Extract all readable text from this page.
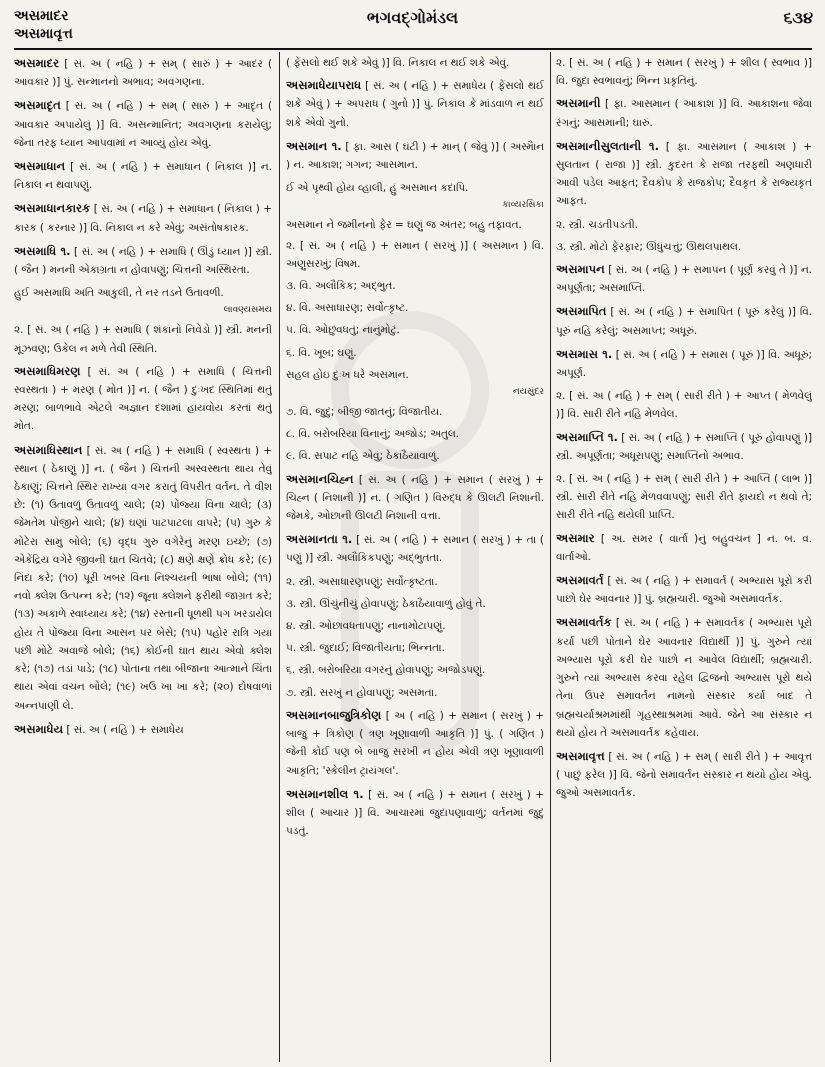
અસમાદર
અસમાવૃત્ત
ભગવદ્ગોમંડલ	૬૩૪
અસમાદર [ સં. અ ( નહિ ) + સમ્ ( સારું ) + આદર ( આવકાર )] પું. સન્માનનો અભાવ; અવગણના.
અસમાદૃત [ સં. અ ( નહિ ) + સમ્ ( સારું ) + આદૃત ( આવકાર અપાયેલું )] વિ. અસન્માનિત; અવગણના કરાયેલું; જેના તરફ ધ્યાન આપવામાં ન આવ્યું હોય એવું.
અસમાધાન [ સં. અ ( નહિ ) + સમાધાન ( નિકાલ )] ન. નિકાલ ન થવાપણું.
અસમાધાનકારક [ સં. અ ( નહિ ) + સમાધાન ( નિકાલ ) + કારક ( કરનાર )] વિ. નિકાલ ન કરે એવું; અસંતોષકારક.
અસમાધિ ૧. [ સં. અ ( નહિ ) + સમાધિ ( ઊંડું ધ્યાન )] સ્ત્રી. ( જૈન ) મનની એકાગ્રતા ન હોવાપણું; ચિત્તની અસ્થિરતા.
હુઈ અસમાધિ અતિ આકુલી, તે નર તડને ઉતાવળી.
લાવણ્યસમય
૨. [ સં. અ ( નહિ ) + સમાધિ ( શંકાનો નિવેડો )] સ્ત્રી. મનની મૂંઝવણ; ઉકેલ ન મળે તેવી સ્થિતિ.
અસમાધિમરણ [ સં. અ ( નહિ ) + સમાધિ ( ચિત્તની સ્વસ્થતા ) + મરણ ( મોત )] ન. ( જૈન ) દુઃખદ સ્થિતિમાં થતું મરણ; બાળભાવે એટલે અજ્ઞાન દશામાં હાયવોય કરતાં થતું મોત.
અસમાધિસ્થાન [ સં. અ ( નહિ ) + સમાધિ ( સ્વસ્થતા ) + સ્થાન ( ઠેકાણું )] ન. ( જૈન ) ચિત્તની અસ્વસ્થતા થાય તેવું ઠેકાણું; ચિત્તને સ્થિર રાખ્યા વગર કરાતું વિપરીત વર્તન. તે વીશ છે: (૧) ઉતાવળું ઉતાવળું ચાલે; (૨) પોંજ્યા વિના ચાલે; (૩) જેમતેમ પોંજીને ચાલે; (૪) ઘણાં પાટપાટલા વાપરે; (૫) ગુરુ કે મોટેરા સામું બોલે; (૬) વૃદ્ધ ગુરુ વગેરેનું મરણ ઇચ્છે; (૭) એકેંદ્રિય વગેરે જીવની ઘાત ચિતવે; (૮) ક્ષણે ક્ષણે ક્રોધ કરે; (૯) નિંદા કરે; (૧૦) પૂરી ખબર વિના નિશ્ચયની ભાષા બોલે; (૧૧) નવો ક્લેશ ઉત્પન્ન કરે; (૧૨) જૂના ક્લેશને ફરીથી જાગ્રત કરે; (૧૩) અકાળે સ્વાધ્યાય કરે; (૧૪) રસ્તાની ધૂળથી પગ ખરડાયેલ હોય તે પોંજ્યા વિના આસન પર બેસે; (૧૫) પહોર રાત્રિ ગયા પછી મોટે અવાજે બોલે; (૧૬) કોઈની ઘાત થાય એવો ક્લેશ કરે; (૧૭) તડાં પાડે; (૧૮) પોતાના તથા બીજાના આત્માને ચિંતા થાય એવાં વચન બોલે; (૧૯) ખઉ ખા ખા કરે; (૨૦) દોષવાળાં અન્નપાણી લે.
અસમાધેય [ સં. અ ( નહિ ) + સમાધેય
( ફેંસલો થઈ શકે એવું )] વિ. નિકાલ ન થઈ શકે એવું.
અસમાધેયાપરાધ [ સં. અ ( નહિ ) + સમાધેય ( ફેંસલો થઈ શકે એવું ) + અપરાધ ( ગુનો )] પું. નિકાલ કે માંડવાળ ન થઈ શકે એવો ગુનો.
અસમાન ૧. [ ફા. આસ ( ઘંટી ) + માન્ ( જેવું )] ( અસ્મૈાન ) ન. આકાશ; ગગન; આસમાન.
ઈ એ પૃથ્વી હોય વ્હાલી, હું અસમાન કદાપિ.
કાવ્યરસિકા
અસમાન ને જમીનનો ફેર = ઘણું જ અંતર; બહુ તફાવત.
૨. [ સં. અ ( નહિ ) + સમાન ( સરખું )] ( અસમાન ) વિ. અણુસરખું; વિષમ.
૩. વિ. અલૌકિક; અદ્ભુત.
૪. વિ. અસાધારણ; સર્વોત્કૃષ્ટ.
૫. વિ. ઓછુંવધતું; નાનુંમોટું.
૬. વિ. ખૂબ; ઘણું.
સહલ હોઇ દુઃખ ધરે અસમાન.
નયસુંદર
૭. વિ. જુદું; બીજી જાતનું; વિજાતીય.
૮. વિ. બરોબરિયા વિનાનું; અજોડ; અતુલ.
૯. વિ. સપાટ નહિ એવું; ઠેકાઠૈયાવાળું.
અસમાનચિહ્ન [ સં. અ ( નહિ ) + સમાન ( સરખું ) + ચિહ્ન ( નિશાની )] ન. ( ગણિત ) વિરુદ્ધ કે ઊલટી નિશાની. જેમકે, ઓછાની ઊલટી નિશાની વત્તા.
અસમાનતા ૧. [ સં. અ ( નહિ ) + સમાન ( સરખું ) + તા ( પણું )] સ્ત્રી. અલૌકિકપણું; અદ્ભુતતા.
૨. સ્ત્રી. અસાધારણપણું; સર્વોત્કૃષ્ટતા.
૩. સ્ત્રી. ઊંચુંનીચું હોવાપણું; ઠેકાઠૈયાવાળું હોવું તે.
૪. સ્ત્રી. ઓછાવધતાપણું; નાનામોટાપણું.
૫. સ્ત્રી. જુદાઈ; વિજાતીયતા; ભિન્નતા.
૬. સ્ત્રી. બરોબરિયા વગરનું હોવાપણું; અજોડપણું.
૭. સ્ત્રી. સરખું ન હોવાપણું; અસમતા.
અસમાનબાજુત્રિકોણ [ અ ( નહિ ) + સમાન ( સરખું ) + બાજુ + ત્રિકોણ ( ત્રણ ખૂણાવાળી આકૃતિ )] પું. ( ગણિત ) જેની કોઈ પણ બે બાજુ સરખી ન હોય એવી ત્રણ ખૂણાવાળી આકૃતિ; 'સ્કેલીન ટ્રાયંગલ'.
અસમાનશીલ ૧. [ સં. અ ( નહિ ) + સમાન ( સરખું ) + શીલ ( આચાર )] વિ. આચારમાં જુદાપણાવાળું; વર્તનમાં જુદું પડતું.
૨. [ સં. અ ( નહિ ) + સમાન ( સરખું ) + શીલ ( સ્વભાવ )] વિ. જુદા સ્વભાવનું; ભિન્ન પ્રકૃતિનું.
અસમાની [ ફા. આસમાન ( આકાશ )] વિ. આકાશના જેવા રંગનું; આસમાની; ઘારું.
અસમાનીસુલતાની ૧. [ ફા. આસમાન ( આકાશ ) + સુલતાન ( રાજા )] સ્ત્રી. કુદરત કે રાજા તરફથી અણધારી આવી પડેલ આફત; દૈવકોપ કે રાજકોપ; દૈવકૃત કે રાજ્યકૃત આફત.
૨. સ્ત્રી. ચડતીપડતી.
૩. સ્ત્રી. મોટો ફેરફાર; ઊંધુંચત્તું; ઊથલપાથલ.
અસમાપન [ સં. અ ( નહિ ) + સમાપન ( પૂર્ણ કરવું તે )] ન. અપૂર્ણતા; અસમાપ્તિ.
અસમાપિત [ સં. અ ( નહિ ) + સમાપિત ( પૂરું કરેલું )] વિ. પૂરું નહિ કરેલું; અસમાપ્ત; અધૂરું.
અસમાસ ૧. [ સં. અ ( નહિ ) + સમાસ ( પૂરું )] વિ. અધૂરું; અપૂર્ણ.
૨. [ સં. અ ( નહિ ) + સમ્ ( સારી રીતે ) + આપ્ત ( મેળવેલું )] વિ. સારી રીતે નહિ મેળવેલ.
અસમાપ્તિ ૧. [ સં. અ ( નહિ ) + સમાપ્તિ ( પૂરું હોવાપણું )] સ્ત્રી. અપૂર્ણતા; અધૂરાપણું; સમાપ્તિનો અભાવ.
૨. [ સં. અ ( નહિ ) + સમ્ ( સારી રીતે ) + આપ્તિ ( લાભ )] સ્ત્રી. સારી રીતે નહિ મેળવવાપણું; સારી રીતે ફાયદો ન થવો તે; સારી રીતે નહિ થયેલી પ્રાપ્તિ.
અસમાર [ અ. સમર ( વાર્તા )નું બહુવચન ] ન. બ. વ. વાર્તાઓ.
અસમાવર્ત [ સં. અ ( નહિ ) + સમાવર્ત ( અભ્યાસ પૂરો કરી પાછો ઘેર આવનાર )] પું. બ્રહ્મચારી. જુઓ અસમાવર્તક.
અસમાવર્તક [ સં. અ ( નહિ ) + સમાવર્તક ( અભ્યાસ પૂરો કર્યા પછી પોતાને ઘેર આવનાર વિદ્યાર્થી )] પું. ગુરુને ત્યાં અભ્યાસ પૂરો કરી ઘેર પાછો ન આવેલ વિદ્યાર્થી; બ્રહ્મચારી. ગુરુને ત્યાં અભ્યાસ કરવા રહેલ દ્વિજનો અભ્યાસ પૂરો થયે તેના ઉપર સમાવર્તન નામનો સંસ્કાર કર્યા બાદ તે બ્રહ્મચર્યાશ્રમમાંથી ગૃહસ્થાશ્રમમાં આવે. જેને આ સંસ્કાર ન થયો હોય તે અસમાવર્તક કહેવાય.
અસમાવૃત્ત [ સં. અ ( નહિ ) + સમ્ ( સારી રીતે ) + આવૃત્ત ( પાછું ફરેલ )] વિ. જેનો સમાવર્તન સંસ્કાર ન થયો હોય એવું. જુઓ અસમાવર્તક.
